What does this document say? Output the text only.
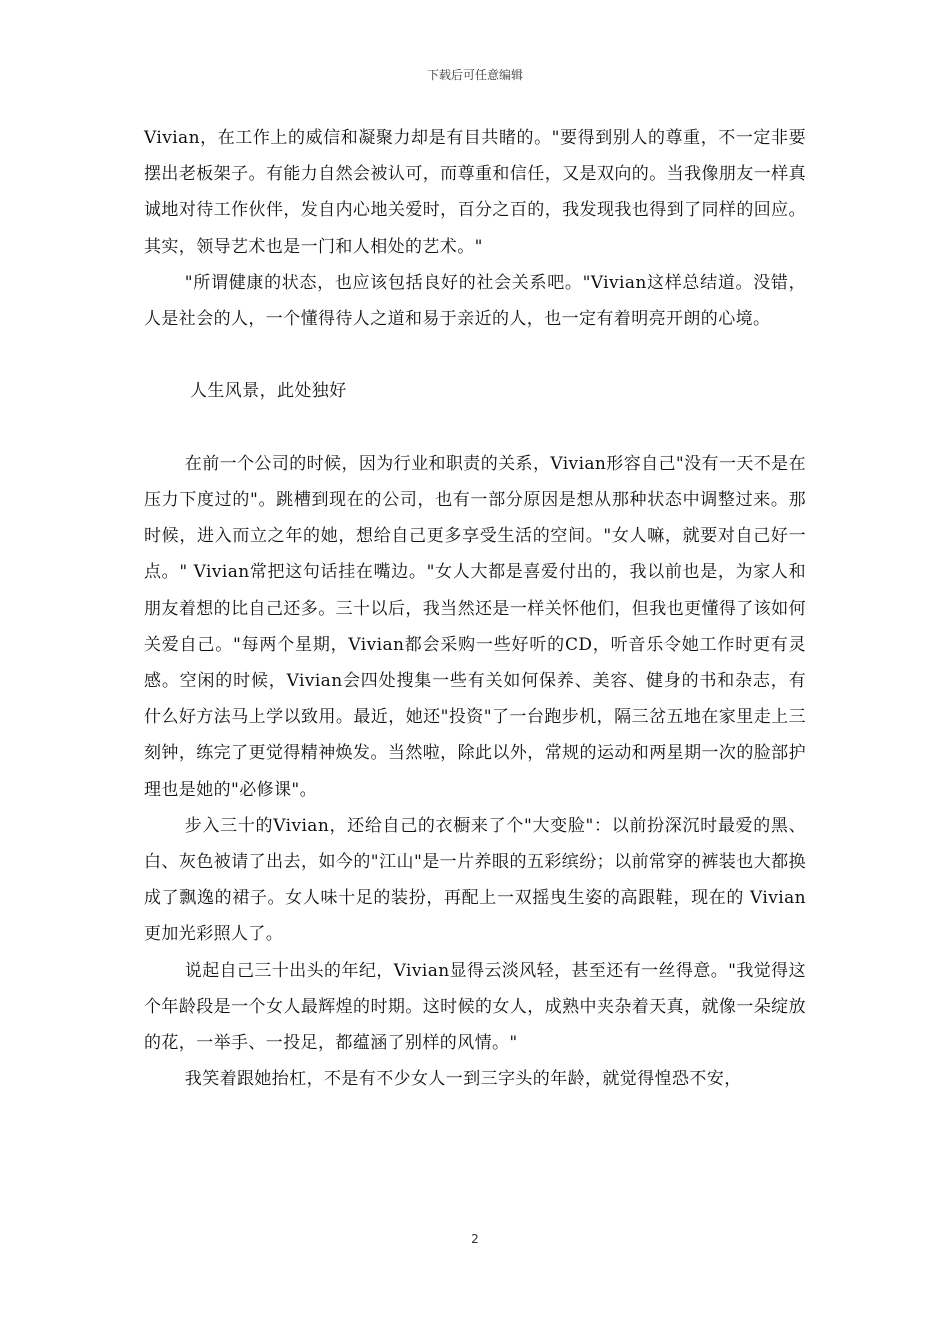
下载后可任意编辑

Vivian，在工作上的威信和凝聚力却是有目共睹的。"要得到别人的尊重，不一定非要摆出老板架子。有能力自然会被认可，而尊重和信任，又是双向的。当我像朋友一样真诚地对待工作伙伴，发自内心地关爱时，百分之百的，我发现我也得到了同样的回应。其实，领导艺术也是一门和人相处的艺术。"

"所谓健康的状态，也应该包括良好的社会关系吧。"Vivian这样总结道。没错，人是社会的人，一个懂得待人之道和易于亲近的人，也一定有着明亮开朗的心境。

人生风景，此处独好

在前一个公司的时候，因为行业和职责的关系，Vivian形容自己"没有一天不是在压力下度过的"。跳槽到现在的公司，也有一部分原因是想从那种状态中调整过来。那时候，进入而立之年的她，想给自己更多享受生活的空间。"女人嘛，就要对自己好一点。" Vivian常把这句话挂在嘴边。"女人大都是喜爱付出的，我以前也是，为家人和朋友着想的比自己还多。三十以后，我当然还是一样关怀他们，但我也更懂得了该如何关爱自己。"每两个星期，Vivian都会采购一些好听的CD，听音乐令她工作时更有灵感。空闲的时候，Vivian会四处搜集一些有关如何保养、美容、健身的书和杂志，有什么好方法马上学以致用。最近，她还"投资"了一台跑步机，隔三岔五地在家里走上三刻钟，练完了更觉得精神焕发。当然啦，除此以外，常规的运动和两星期一次的脸部护理也是她的"必修课"。

步入三十的Vivian，还给自己的衣橱来了个"大变脸"：以前扮深沉时最爱的黑、白、灰色被请了出去，如今的"江山"是一片养眼的五彩缤纷；以前常穿的裤装也大都换成了飘逸的裙子。女人味十足的装扮，再配上一双摇曳生姿的高跟鞋，现在的 Vivian更加光彩照人了。

说起自己三十出头的年纪，Vivian显得云淡风轻，甚至还有一丝得意。"我觉得这个年龄段是一个女人最辉煌的时期。这时候的女人，成熟中夹杂着天真，就像一朵绽放的花，一举手、一投足，都蕴涵了别样的风情。"

我笑着跟她抬杠，不是有不少女人一到三字头的年龄，就觉得惶恐不安，

2
